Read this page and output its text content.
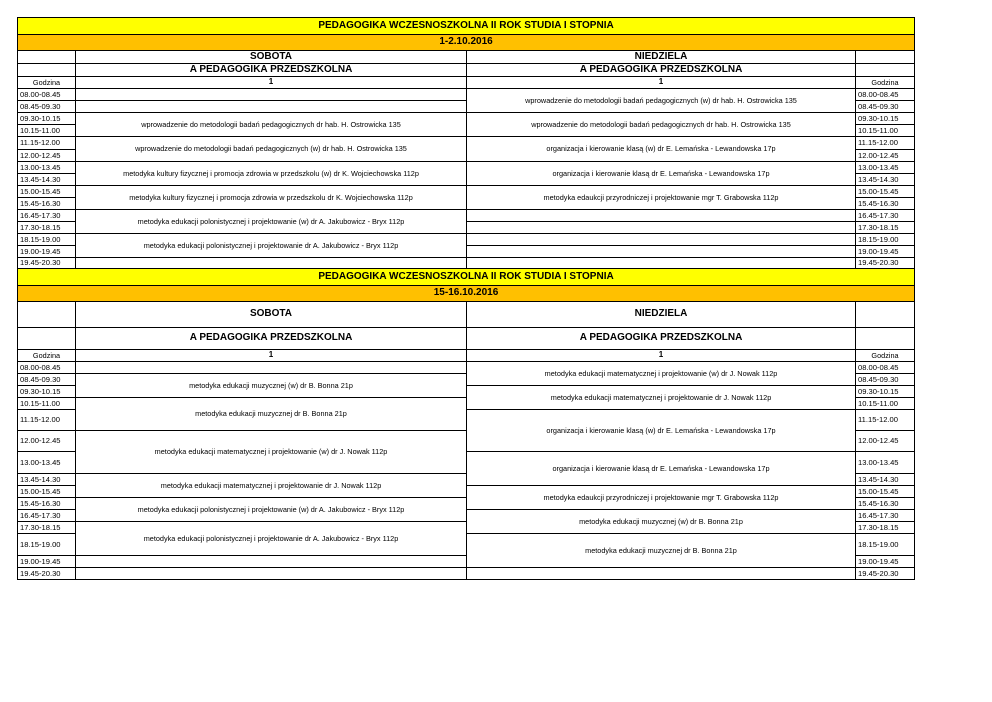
PEDAGOGIKA WCZESNOSZKOLNA II ROK STUDIA I STOPNIA			
1-2.10.2016			
	SOBOTA	NIEDZIELA	
	A PEDAGOGIKA PRZEDSZKOLNA	A PEDAGOGIKA PRZEDSZKOLNA	
Godzina	1	1	Godzina
08.00-08.45		wprowadzenie do metodologii badań pedagogicznych (w) dr hab. H. Ostrowicka 135	08.00-08.45
08.45-09.30			08.45-09.30
09.30-10.15	wprowadzenie do metodologii badań pedagogicznych dr hab. H. Ostrowicka 135	wprowadzenie do metodologii badań pedagogicznych dr hab. H. Ostrowicka 135	09.30-10.15
10.15-11.00			10.15-11.00
11.15-12.00	wprowadzenie do metodologii badań pedagogicznych (w) dr hab. H. Ostrowicka 135	organizacja i kierowanie klasą (w) dr E. Lemańska - Lewandowska 17p	11.15-12.00
12.00-12.45			12.00-12.45
13.00-13.45	metodyka kultury fizycznej i promocja zdrowia w przedszkolu (w) dr K. Wojciechowska 112p	organizacja i kierowanie klasą dr E. Lemańska - Lewandowska 17p	13.00-13.45
13.45-14.30			13.45-14.30
15.00-15.45	metodyka kultury fizycznej i promocja zdrowia w przedszkolu dr K. Wojciechowska 112p	metodyka edaukcji przyrodniczej i projektowanie mgr T. Grabowska 112p	15.00-15.45
15.45-16.30			15.45-16.30
16.45-17.30	metodyka edukacji polonistycznej i projektowanie (w) dr A. Jakubowicz - Bryx 112p		16.45-17.30
17.30-18.15			17.30-18.15
18.15-19.00	metodyka edukacji polonistycznej i projektowanie dr A. Jakubowicz - Bryx 112p		18.15-19.00
19.00-19.45			19.00-19.45
19.45-20.30			19.45-20.30
PEDAGOGIKA WCZESNOSZKOLNA II ROK STUDIA I STOPNIA			
15-16.10.2016			
	SOBOTA	NIEDZIELA	
	A PEDAGOGIKA PRZEDSZKOLNA	A PEDAGOGIKA PRZEDSZKOLNA	
Godzina	1	1	Godzina
08.00-08.45		metodyka edukacji matematycznej i projektowanie (w) dr J. Nowak 112p	08.00-08.45
08.45-09.30	metodyka edukacji muzycznej (w) dr B. Bonna 21p		08.45-09.30
09.30-10.15		metodyka edukacji matematycznej i projektowanie dr J. Nowak 112p	09.30-10.15
10.15-11.00	metodyka edukacji muzycznej dr B. Bonna 21p		10.15-11.00
11.15-12.00		organizacja i kierowanie klasą (w) dr E. Lemańska - Lewandowska 17p	11.15-12.00
12.00-12.45	metodyka edukacji matematycznej i projektowanie (w) dr J. Nowak 112p		12.00-12.45
13.00-13.45		organizacja i kierowanie klasą dr E. Lemańska - Lewandowska 17p	13.00-13.45
13.45-14.30	metodyka edukacji matematycznej i projektowanie dr J. Nowak 112p		13.45-14.30
15.00-15.45		metodyka edaukcji przyrodniczej i projektowanie mgr T. Grabowska 112p	15.00-15.45
15.45-16.30	metodyka edukacji polonistycznej i projektowanie (w) dr A. Jakubowicz - Bryx 112p		15.45-16.30
16.45-17.30		metodyka edukacji muzycznej (w) dr B. Bonna 21p	16.45-17.30
17.30-18.15	metodyka edukacji polonistycznej i projektowanie dr A. Jakubowicz - Bryx 112p		17.30-18.15
18.15-19.00		metodyka edukacji muzycznej dr B. Bonna 21p	18.15-19.00
19.00-19.45			19.00-19.45
19.45-20.30			19.45-20.30
